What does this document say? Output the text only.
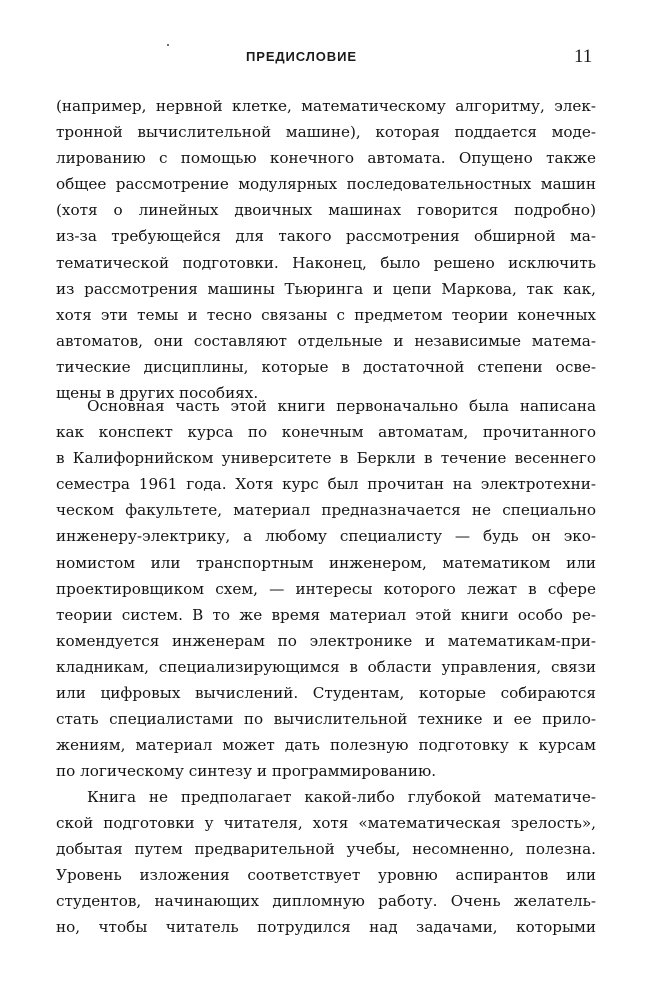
ПРЕДИСЛОВИЕ	11
(например, нервной клетке, математическому алгоритму, элек-
тронной вычислительной машине), которая поддается моде-
лированию с помощью конечного автомата. Опущено также
общее рассмотрение модулярных последовательностных машин
(хотя о линейных двоичных машинах говорится подробно)
из-за требующейся для такого рассмотрения обширной ма-
тематической подготовки. Наконец, было решено исключить
из рассмотрения машины Тьюринга и цепи Маркова, так как,
хотя эти темы и тесно связаны с предметом теории конечных
автоматов, они составляют отдельные и независимые матема-
тические дисциплины, которые в достаточной степени осве-
щены в других пособиях.
Основная часть этой книги первоначально была написана
как конспект курса по конечным автоматам, прочитанного
в Калифорнийском университете в Беркли в течение весеннего
семестра 1961 года. Хотя курс был прочитан на электротехни-
ческом факультете, материал предназначается не специально
инженеру-электрику, а любому специалисту — будь он эко-
номистом или транспортным инженером, математиком или
проектировщиком схем, — интересы которого лежат в сфере
теории систем. В то же время материал этой книги особо ре-
комендуется инженерам по электронике и математикам-при-
кладникам, специализирующимся в области управления, связи
или цифровых вычислений. Студентам, которые собираются
стать специалистами по вычислительной технике и ее прило-
жениям, материал может дать полезную подготовку к курсам
по логическому синтезу и программированию.
Книга не предполагает какой-либо глубокой математиче-
ской подготовки у читателя, хотя «математическая зрелость»,
добытая путем предварительной учебы, несомненно, полезна.
Уровень изложения соответствует уровню аспирантов или
студентов, начинающих дипломную работу. Очень желатель-
но, чтобы читатель потрудился над задачами, которыми
